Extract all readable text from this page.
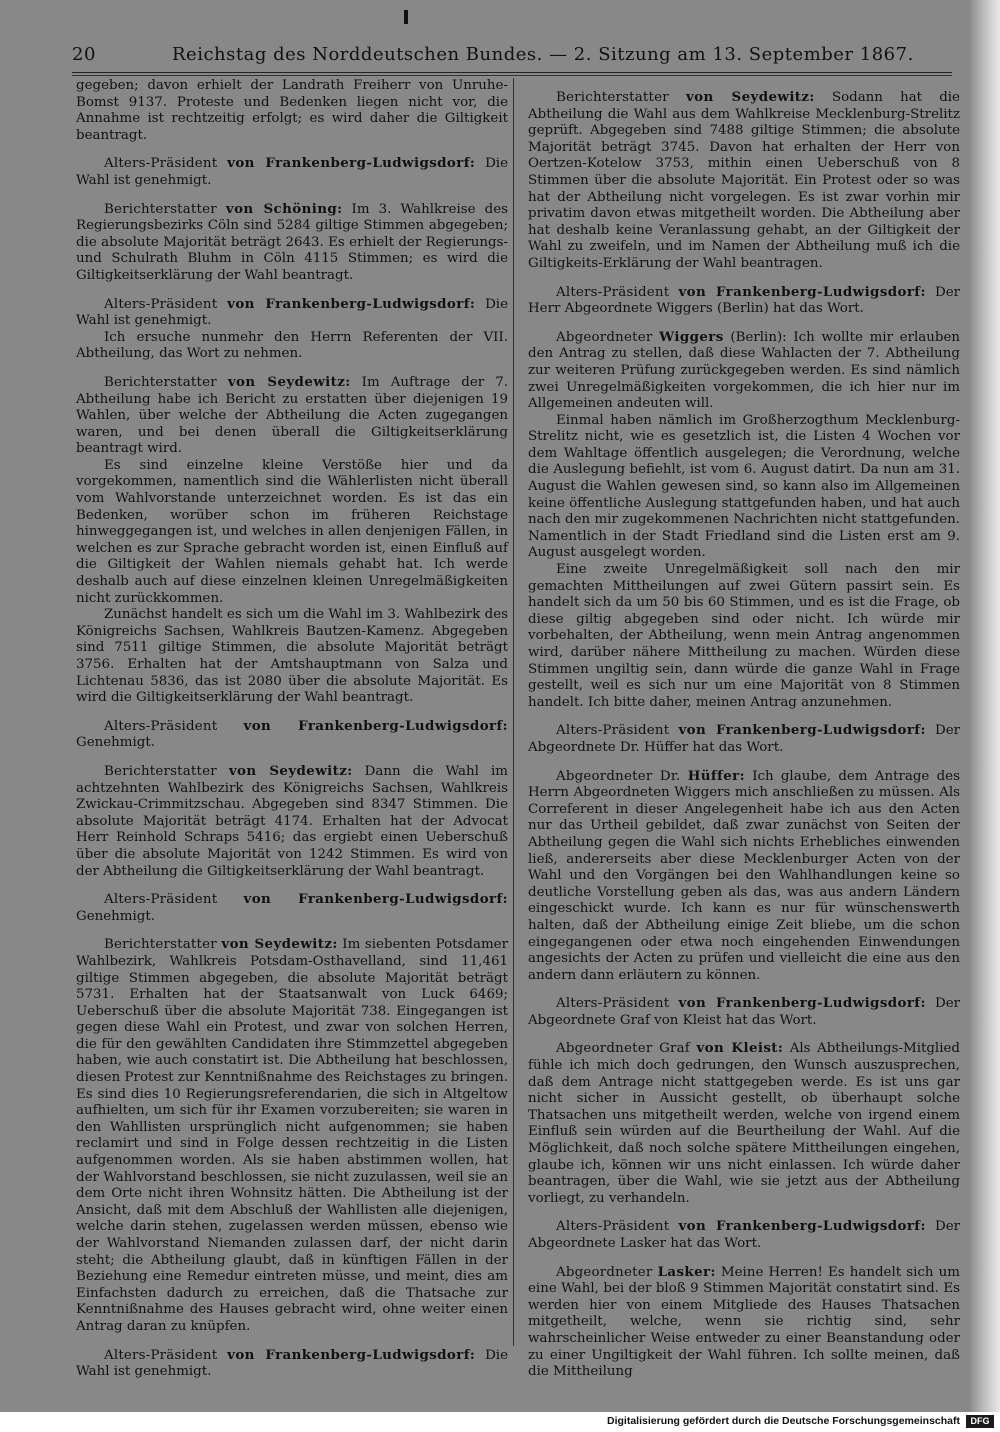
20	Reichstag des Norddeutschen Bundes. — 2. Sitzung am 13. September 1867.

gegeben; davon erhielt der Landrath Freiherr von Unruhe-Bomst 9137. Proteste und Bedenken liegen nicht vor, die Annahme ist rechtzeitig erfolgt; es wird daher die Giltigkeit beantragt.

Alters-Präsident von Frankenberg-Ludwigsdorf: Die Wahl ist genehmigt.

Berichterstatter von Schöning: Im 3. Wahlkreise des Regierungsbezirks Cöln sind 5284 giltige Stimmen abgegeben; die absolute Majorität beträgt 2643. Es erhielt der Regierungs- und Schulrath Bluhm in Cöln 4115 Stimmen; es wird die Giltigkeitserklärung der Wahl beantragt.

Alters-Präsident von Frankenberg-Ludwigsdorf: Die Wahl ist genehmigt.

Ich ersuche nunmehr den Herrn Referenten der VII. Abtheilung, das Wort zu nehmen.

Berichterstatter von Seydewitz: Im Auftrage der 7. Abtheilung habe ich Bericht zu erstatten über diejenigen 19 Wahlen, über welche der Abtheilung die Acten zugegangen waren, und bei denen überall die Giltigkeitserklärung beantragt wird.

Es sind einzelne kleine Verstöße hier und da vorgekommen, namentlich sind die Wählerlisten nicht überall vom Wahlvorstande unterzeichnet worden. Es ist das ein Bedenken, worüber schon im früheren Reichstage hinweggegangen ist, und welches in allen denjenigen Fällen, in welchen es zur Sprache gebracht worden ist, einen Einfluß auf die Giltigkeit der Wahlen niemals gehabt hat. Ich werde deshalb auch auf diese einzelnen kleinen Unregelmäßigkeiten nicht zurückkommen.

Zunächst handelt es sich um die Wahl im 3. Wahlbezirk des Königreichs Sachsen, Wahlkreis Bautzen-Kamenz. Abgegeben sind 7511 giltige Stimmen, die absolute Majorität beträgt 3756. Erhalten hat der Amtshauptmann von Salza und Lichtenau 5836, das ist 2080 über die absolute Majorität. Es wird die Giltigkeitserklärung der Wahl beantragt.

Alters-Präsident von Frankenberg-Ludwigsdorf: Genehmigt.

Berichterstatter von Seydewitz: Dann die Wahl im achtzehnten Wahlbezirk des Königreichs Sachsen, Wahlkreis Zwickau-Crimmitzschau. Abgegeben sind 8347 Stimmen. Die absolute Majorität beträgt 4174. Erhalten hat der Advocat Herr Reinhold Schraps 5416; das ergiebt einen Ueberschuß über die absolute Majorität von 1242 Stimmen. Es wird von der Abtheilung die Giltigkeitserklärung der Wahl beantragt.

Alters-Präsident von Frankenberg-Ludwigsdorf: Genehmigt.

Berichterstatter von Seydewitz: Im siebenten Potsdamer Wahlbezirk, Wahlkreis Potsdam-Osthavelland, sind 11,461 giltige Stimmen abgegeben, die absolute Majorität beträgt 5731. Erhalten hat der Staatsanwalt von Luck 6469; Ueberschuß über die absolute Majorität 738. Eingegangen ist gegen diese Wahl ein Protest, und zwar von solchen Herren, die für den gewählten Candidaten ihre Stimmzettel abgegeben haben, wie auch constatirt ist. Die Abtheilung hat beschlossen, diesen Protest zur Kenntnißnahme des Reichstages zu bringen. Es sind dies 10 Regierungsreferendarien, die sich in Altgeltow aufhielten, um sich für ihr Examen vorzubereiten; sie waren in den Wahllisten ursprünglich nicht aufgenommen; sie haben reclamirt und sind in Folge dessen rechtzeitig in die Listen aufgenommen worden. Als sie haben abstimmen wollen, hat der Wahlvorstand beschlossen, sie nicht zuzulassen, weil sie an dem Orte nicht ihren Wohnsitz hätten. Die Abtheilung ist der Ansicht, daß mit dem Abschluß der Wahllisten alle diejenigen, welche darin stehen, zugelassen werden müssen, ebenso wie der Wahlvorstand Niemanden zulassen darf, der nicht darin steht; die Abtheilung glaubt, daß in künftigen Fällen in der Beziehung eine Remedur eintreten müsse, und meint, dies am Einfachsten dadurch zu erreichen, daß die Thatsache zur Kenntnißnahme des Hauses gebracht wird, ohne weiter einen Antrag daran zu knüpfen.

Alters-Präsident von Frankenberg-Ludwigsdorf: Die Wahl ist genehmigt.

Berichterstatter von Seydewitz: Sodann hat die Abtheilung die Wahl aus dem Wahlkreise Mecklenburg-Strelitz geprüft. Abgegeben sind 7488 giltige Stimmen; die absolute Majorität beträgt 3745. Davon hat erhalten der Herr von Oertzen-Kotelow 3753, mithin einen Ueberschuß von 8 Stimmen über die absolute Majorität. Ein Protest oder so was hat der Abtheilung nicht vorgelegen. Es ist zwar vorhin mir privatim davon etwas mitgetheilt worden. Die Abtheilung aber hat deshalb keine Veranlassung gehabt, an der Giltigkeit der Wahl zu zweifeln, und im Namen der Abtheilung muß ich die Giltigkeits-Erklärung der Wahl beantragen.

Alters-Präsident von Frankenberg-Ludwigsdorf: Der Herr Abgeordnete Wiggers (Berlin) hat das Wort.

Abgeordneter Wiggers (Berlin): Ich wollte mir erlauben den Antrag zu stellen, daß diese Wahlacten der 7. Abtheilung zur weiteren Prüfung zurückgegeben werden. Es sind nämlich zwei Unregelmäßigkeiten vorgekommen, die ich hier nur im Allgemeinen andeuten will.

Einmal haben nämlich im Großherzogthum Mecklenburg-Strelitz nicht, wie es gesetzlich ist, die Listen 4 Wochen vor dem Wahltage öffentlich ausgelegen; die Verordnung, welche die Auslegung befiehlt, ist vom 6. August datirt. Da nun am 31. August die Wahlen gewesen sind, so kann also im Allgemeinen keine öffentliche Auslegung stattgefunden haben, und hat auch nach den mir zugekommenen Nachrichten nicht stattgefunden. Namentlich in der Stadt Friedland sind die Listen erst am 9. August ausgelegt worden.

Eine zweite Unregelmäßigkeit soll nach den mir gemachten Mittheilungen auf zwei Gütern passirt sein. Es handelt sich da um 50 bis 60 Stimmen, und es ist die Frage, ob diese giltig abgegeben sind oder nicht. Ich würde mir vorbehalten, der Abtheilung, wenn mein Antrag angenommen wird, darüber nähere Mittheilung zu machen. Würden diese Stimmen ungiltig sein, dann würde die ganze Wahl in Frage gestellt, weil es sich nur um eine Majorität von 8 Stimmen handelt. Ich bitte daher, meinen Antrag anzunehmen.

Alters-Präsident von Frankenberg-Ludwigsdorf: Der Abgeordnete Dr. Hüffer hat das Wort.

Abgeordneter Dr. Hüffer: Ich glaube, dem Antrage des Herrn Abgeordneten Wiggers mich anschließen zu müssen. Als Correferent in dieser Angelegenheit habe ich aus den Acten nur das Urtheil gebildet, daß zwar zunächst von Seiten der Abtheilung gegen die Wahl sich nichts Erhebliches einwenden ließ, andererseits aber diese Mecklenburger Acten von der Wahl und den Vorgängen bei den Wahlhandlungen keine so deutliche Vorstellung geben als das, was aus andern Ländern eingeschickt wurde. Ich kann es nur für wünschenswerth halten, daß der Abtheilung einige Zeit bliebe, um die schon eingegangenen oder etwa noch eingehenden Einwendungen angesichts der Acten zu prüfen und vielleicht die eine aus den andern dann erläutern zu können.

Alters-Präsident von Frankenberg-Ludwigsdorf: Der Abgeordnete Graf von Kleist hat das Wort.

Abgeordneter Graf von Kleist: Als Abtheilungs-Mitglied fühle ich mich doch gedrungen, den Wunsch auszusprechen, daß dem Antrage nicht stattgegeben werde. Es ist uns gar nicht sicher in Aussicht gestellt, ob überhaupt solche Thatsachen uns mitgetheilt werden, welche von irgend einem Einfluß sein würden auf die Beurtheilung der Wahl. Auf die Möglichkeit, daß noch solche spätere Mittheilungen eingehen, glaube ich, können wir uns nicht einlassen. Ich würde daher beantragen, über die Wahl, wie sie jetzt aus der Abtheilung vorliegt, zu verhandeln.

Alters-Präsident von Frankenberg-Ludwigsdorf: Der Abgeordnete Lasker hat das Wort.

Abgeordneter Lasker: Meine Herren! Es handelt sich um eine Wahl, bei der bloß 9 Stimmen Majorität constatirt sind. Es werden hier von einem Mitgliede des Hauses Thatsachen mitgetheilt, welche, wenn sie richtig sind, sehr wahrscheinlicher Weise entweder zu einer Beanstandung oder zu einer Ungiltigkeit der Wahl führen. Ich sollte meinen, daß die Mittheilung

Digitalisierung gefördert durch die Deutsche Forschungsgemeinschaft	DFG
